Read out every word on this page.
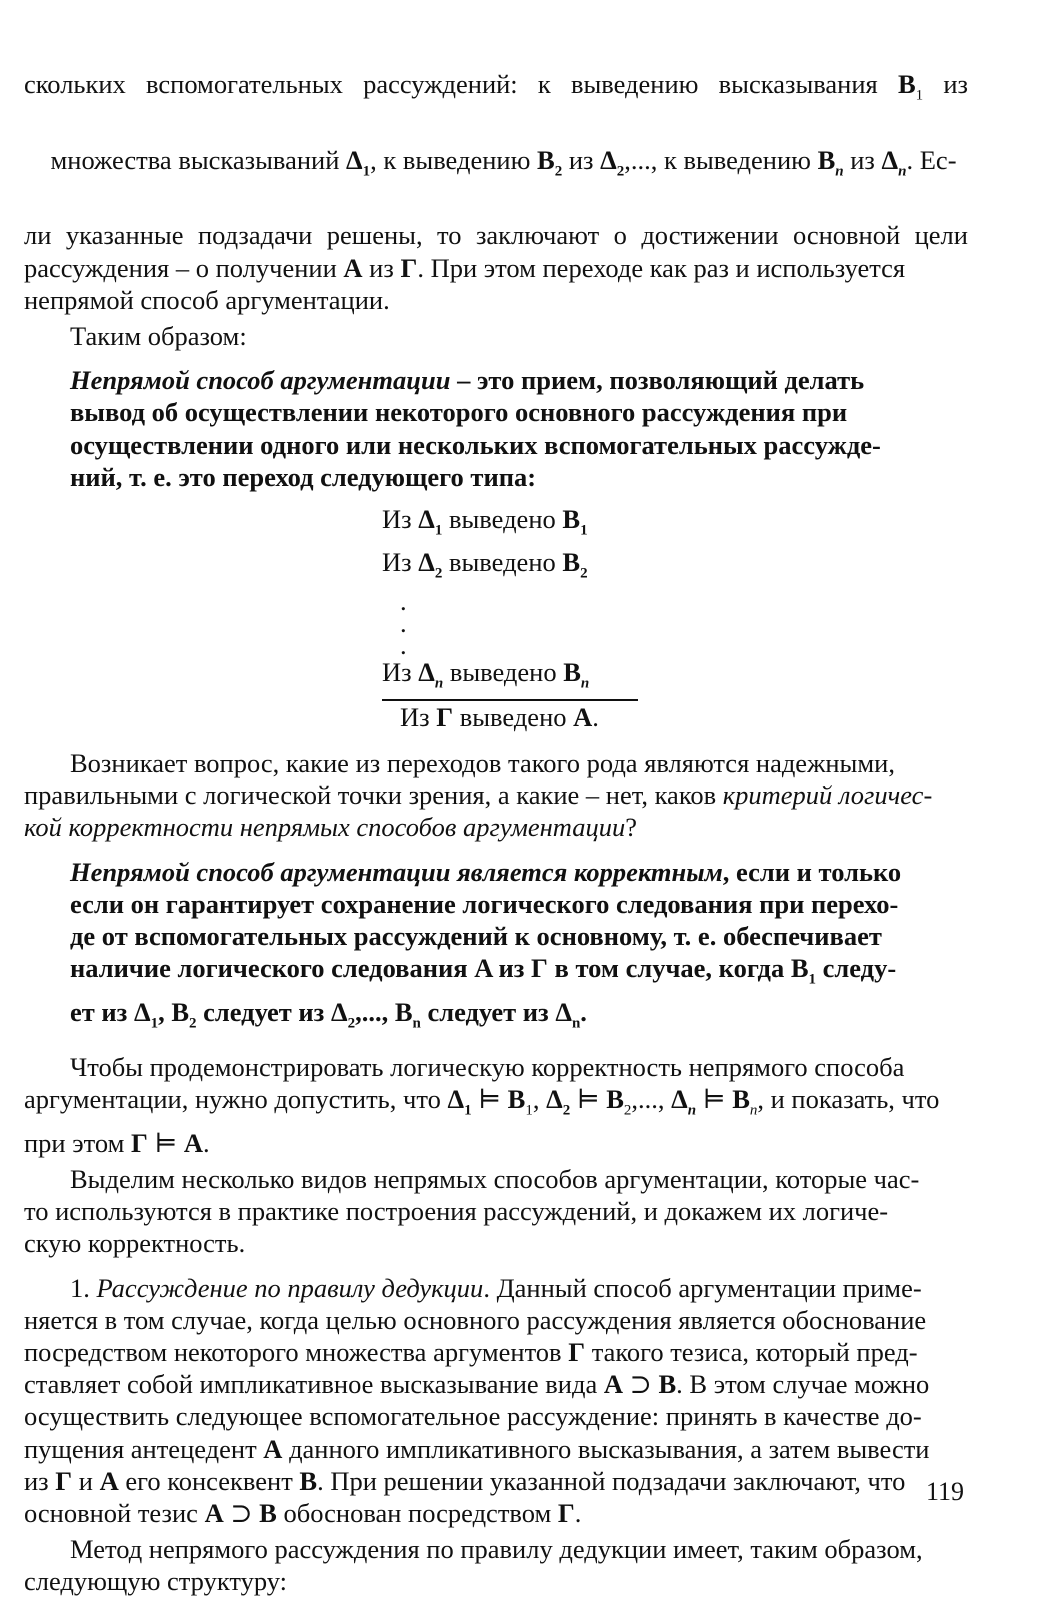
скольких вспомогательных рассуждений: к выведению высказывания $B_1$ из

множества высказываний $\Delta_1$, к выведению $B_2$ из $\Delta_2$,..., к выведению $B_n$ из $\Delta_n$. Ес-

ли указанные подзадачи решены, то заключают о достижении основной цели
рассуждения – о получении A из Г. При этом переходе как раз и используется
непрямой способ аргументации.
Таким образом:
Непрямой способ аргументации – это прием, позволяющий делать
вывод об осуществлении некоторого основного рассуждения при
осуществлении одного или нескольких вспомогательных рассужде-
ний, т. е. это переход следующего типа:
Из $\Delta_1$ выведено $B_1$
Из $\Delta_2$ выведено $B_2$
.
.
.
Из $\Delta_n$ выведено $B_n$
Из Г выведено A.
Возникает вопрос, какие из переходов такого рода являются надежными,
правильными с логической точки зрения, а какие – нет, каков критерий логичес-
кой корректности непрямых способов аргументации?
Непрямой способ аргументации является корректным, если и только
если он гарантирует сохранение логического следования при перехо-
де от вспомогательных рассуждений к основному, т. е. обеспечивает
наличие логического следования A из Г в том случае, когда $B_1$ следу-
ет из $\Delta_1$, $B_2$ следует из $\Delta_2$,..., $B_n$ следует из $\Delta_n$.
Чтобы продемонстрировать логическую корректность непрямого способа
аргументации, нужно допустить, что $\Delta_1$ ⊨ $B_1$, $\Delta_2$ ⊨ $B_2$,..., $\Delta_n$ ⊨ $B_n$, и показать, что
при этом Г ⊨ A.
Выделим несколько видов непрямых способов аргументации, которые час-
то используются в практике построения рассуждений, и докажем их логиче-
скую корректность.
1. Рассуждение по правилу дедукции. Данный способ аргументации приме-
няется в том случае, когда целью основного рассуждения является обоснование
посредством некоторого множества аргументов Г такого тезиса, который пред-
ставляет собой импликативное высказывание вида A ⊃ B. В этом случае можно
осуществить следующее вспомогательное рассуждение: принять в качестве до-
пущения антецедент A данного импликативного высказывания, а затем вывести
из Г и A его консеквент B. При решении указанной подзадачи заключают, что
основной тезис A ⊃ B обоснован посредством Г.
Метод непрямого рассуждения по правилу дедукции имеет, таким образом,
следующую структуру:
119
